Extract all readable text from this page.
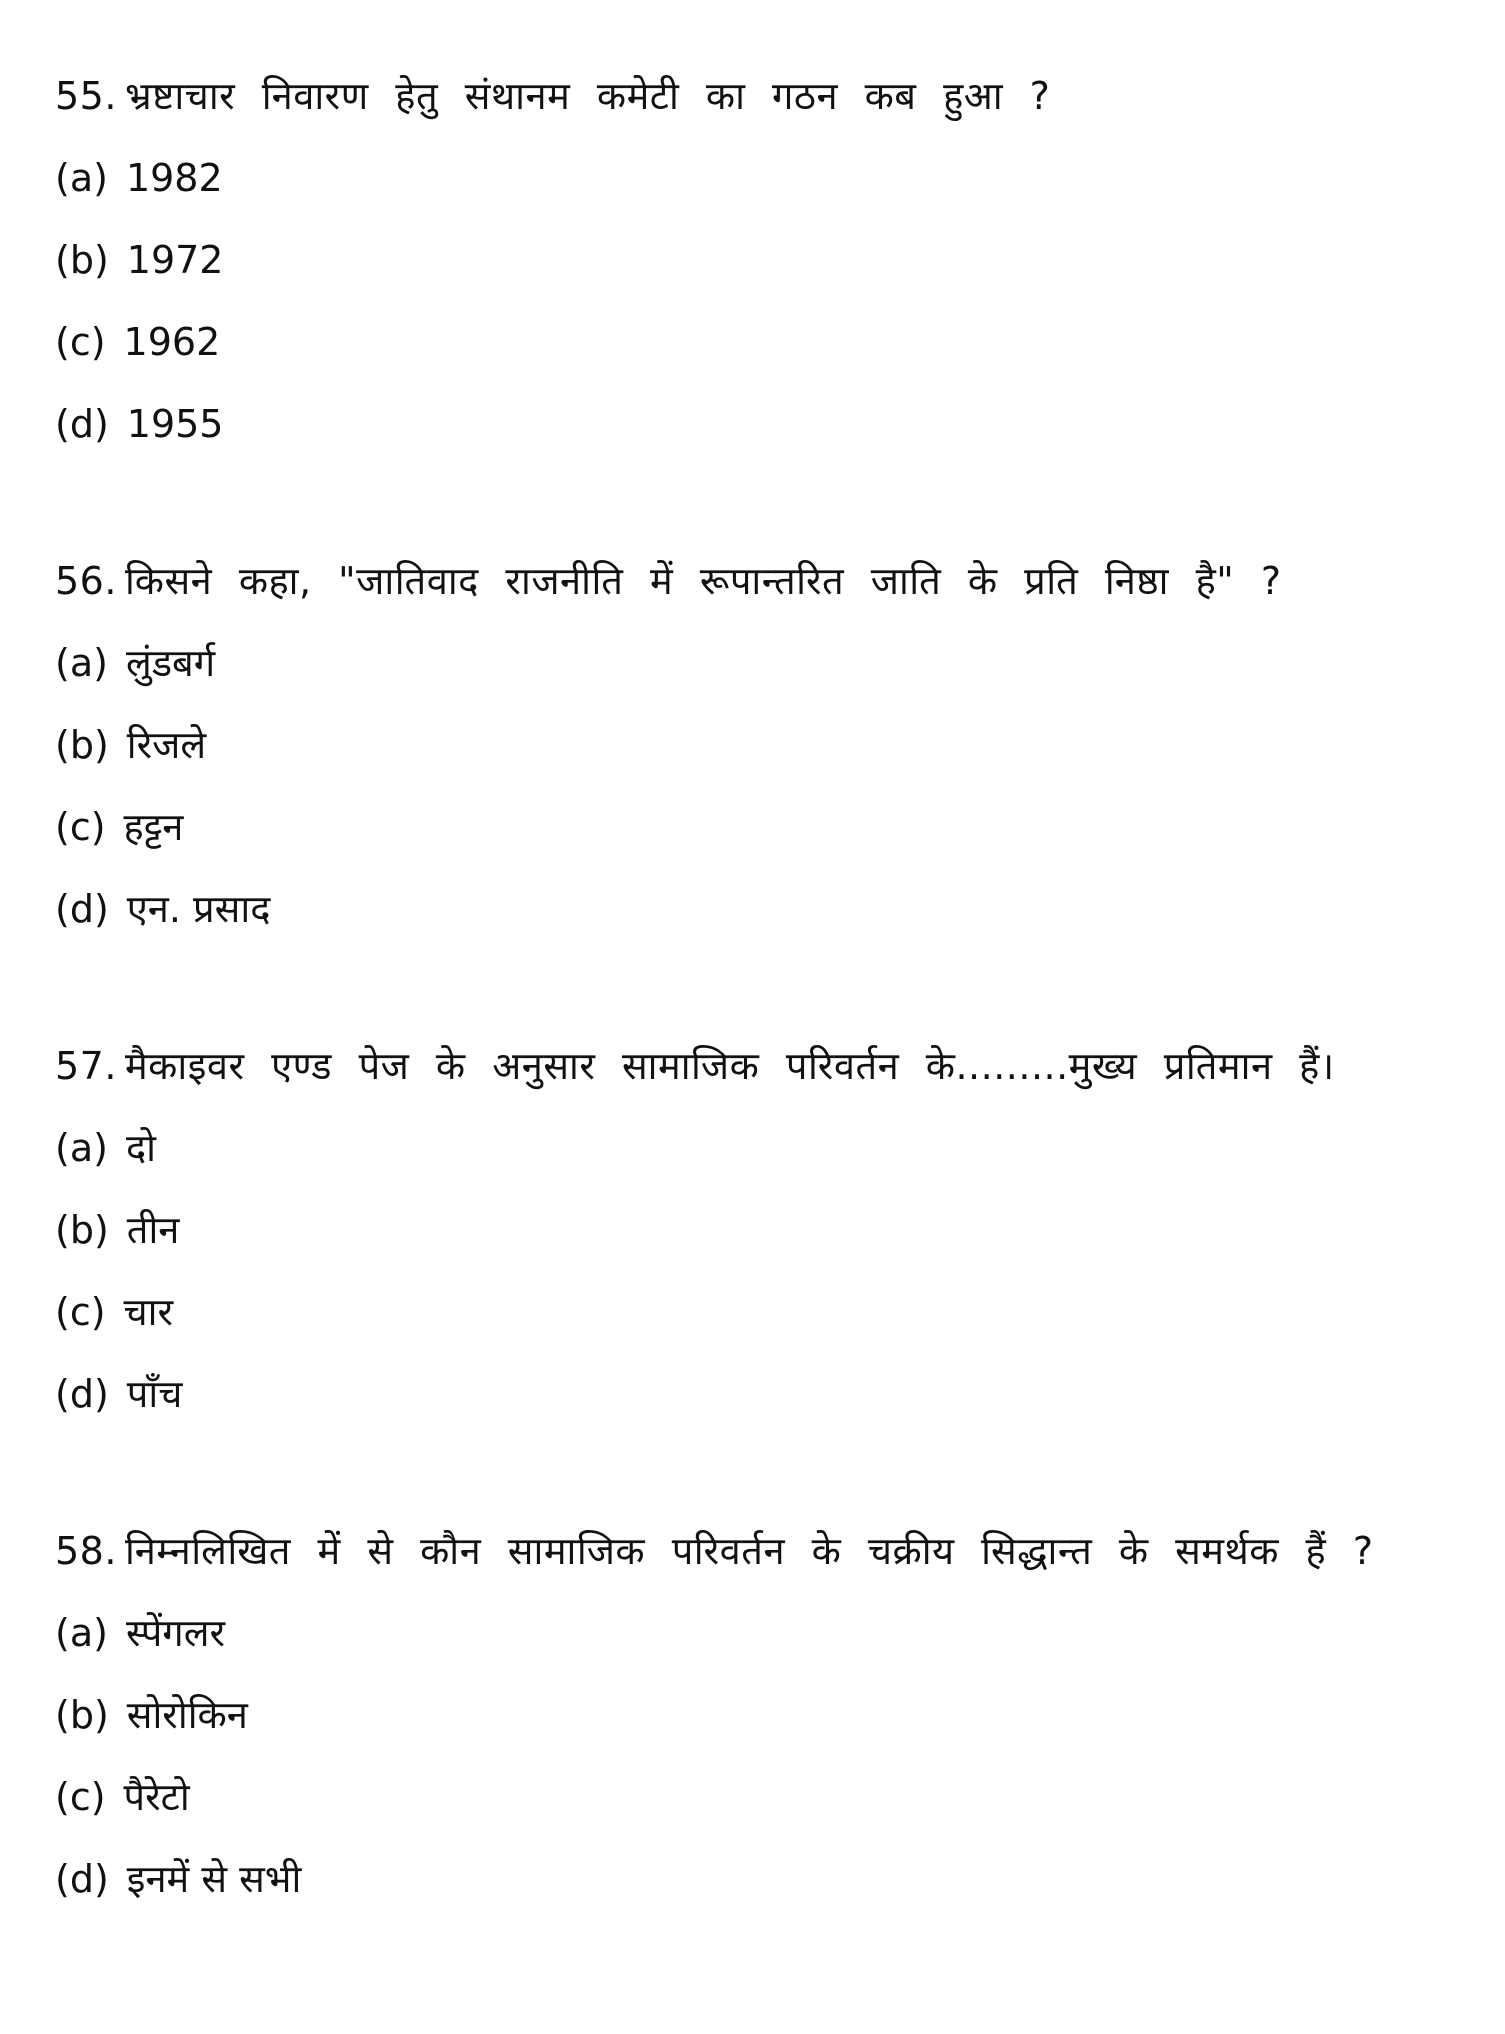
55. भ्रष्टाचार निवारण हेतु संथानम कमेटी का गठन कब हुआ ?
(a) 1982
(b) 1972
(c) 1962
(d) 1955
56. किसने कहा, "जातिवाद राजनीति में रूपान्तरित जाति के प्रति निष्ठा है" ?
(a) लुंडबर्ग
(b) रिजले
(c) हट्टन
(d) एन. प्रसाद
57. मैकाइवर एण्ड पेज के अनुसार सामाजिक परिवर्तन के.........मुख्य प्रतिमान हैं।
(a) दो
(b) तीन
(c) चार
(d) पाँच
58. निम्नलिखित में से कौन सामाजिक परिवर्तन के चक्रीय सिद्धान्त के समर्थक हैं ?
(a) स्पेंगलर
(b) सोरोकिन
(c) पैरेटो
(d) इनमें से सभी
